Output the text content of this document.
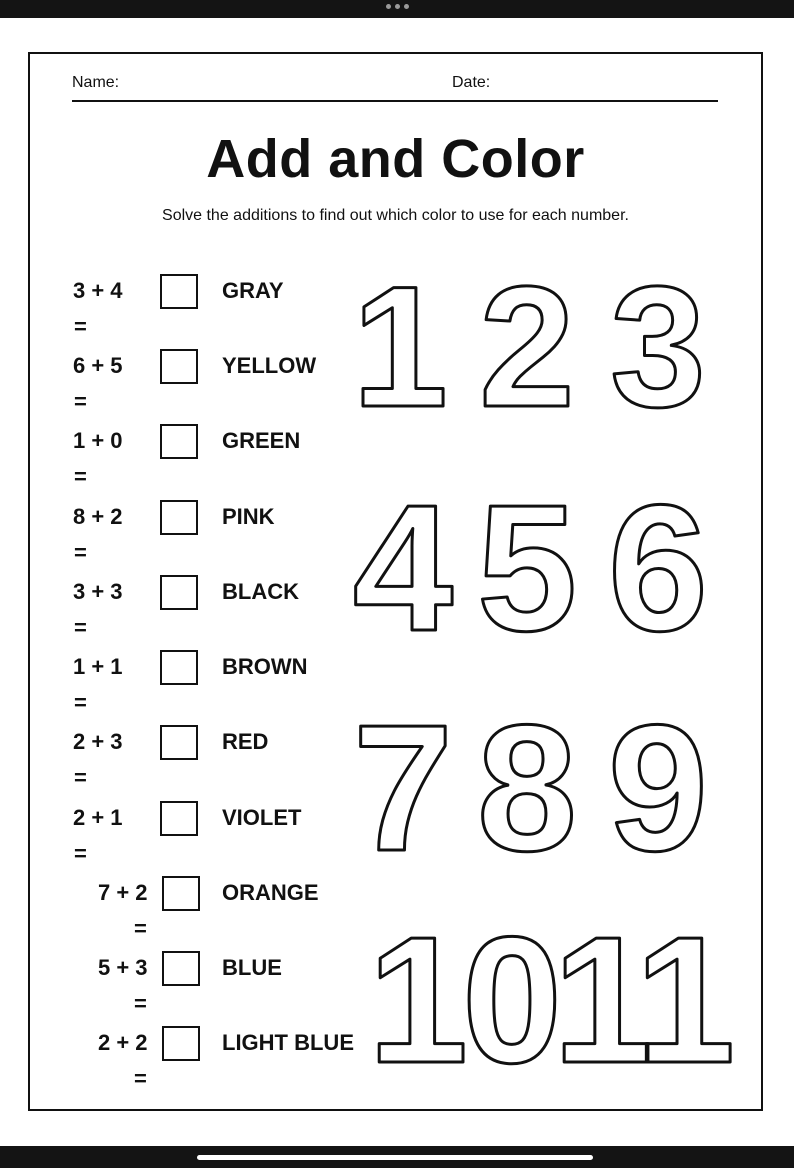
Name:	Date:
Add and Color
Solve the additions to find out which color to use for each number.
3 + 4
=
GRAY
6 + 5
=
YELLOW
1 + 0
=
GREEN
8 + 2
=
PINK
3 + 3
=
BLACK
1 + 1
=
BROWN
2 + 3
=
RED
2 + 1
=
VIOLET
7 + 2
=
ORANGE
5 + 3
=
BLUE
2 + 2
=
LIGHT BLUE
1 2 3
4 5 6
7 8 9
10
11
